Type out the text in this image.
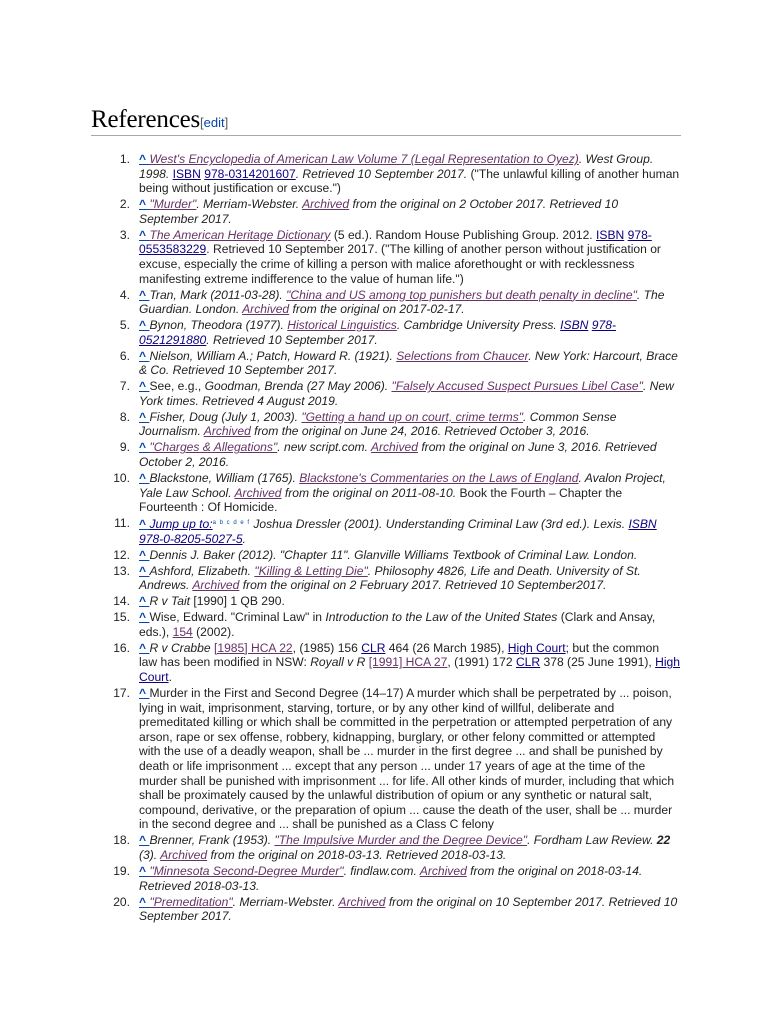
References[edit]
1. ^ West's Encyclopedia of American Law Volume 7 (Legal Representation to Oyez). West Group. 1998. ISBN 978-0314201607. Retrieved 10 September 2017. ("The unlawful killing of another human being without justification or excuse.")
2. ^ "Murder". Merriam-Webster. Archived from the original on 2 October 2017. Retrieved 10 September 2017.
3. ^ The American Heritage Dictionary (5 ed.). Random House Publishing Group. 2012. ISBN 978-0553583229. Retrieved 10 September 2017. ("The killing of another person without justification or excuse, especially the crime of killing a person with malice aforethought or with recklessness manifesting extreme indifference to the value of human life.")
4. ^ Tran, Mark (2011-03-28). "China and US among top punishers but death penalty in decline". The Guardian. London. Archived from the original on 2017-02-17.
5. ^ Bynon, Theodora (1977). Historical Linguistics. Cambridge University Press. ISBN 978-0521291880. Retrieved 10 September 2017.
6. ^ Nielson, William A.; Patch, Howard R. (1921). Selections from Chaucer. New York: Harcourt, Brace & Co. Retrieved 10 September 2017.
7. ^ See, e.g., Goodman, Brenda (27 May 2006). "Falsely Accused Suspect Pursues Libel Case". New York times. Retrieved 4 August 2019.
8. ^ Fisher, Doug (July 1, 2003). "Getting a hand up on court, crime terms". Common Sense Journalism. Archived from the original on June 24, 2016. Retrieved October 3, 2016.
9. ^ "Charges & Allegations". new script.com. Archived from the original on June 3, 2016. Retrieved October 2, 2016.
10. ^ Blackstone, William (1765). Blackstone's Commentaries on the Laws of England. Avalon Project, Yale Law School. Archived from the original on 2011-08-10. Book the Fourth – Chapter the Fourteenth : Of Homicide.
11. ^ Jump up to:$^{a b c d e f}$ Joshua Dressler (2001). Understanding Criminal Law (3rd ed.). Lexis. ISBN 978-0-8205-5027-5.
12. ^ Dennis J. Baker (2012). "Chapter 11". Glanville Williams Textbook of Criminal Law. London.
13. ^ Ashford, Elizabeth. "Killing & Letting Die". Philosophy 4826, Life and Death. University of St. Andrews. Archived from the original on 2 February 2017. Retrieved 10 September2017.
14. ^ R v Tait [1990] 1 QB 290.
15. ^ Wise, Edward. "Criminal Law" in Introduction to the Law of the United States (Clark and Ansay, eds.), 154 (2002).
16. ^ R v Crabbe [1985] HCA 22, (1985) 156 CLR 464 (26 March 1985), High Court; but the common law has been modified in NSW: Royall v R [1991] HCA 27, (1991) 172 CLR 378 (25 June 1991), High Court.
17. ^ Murder in the First and Second Degree (14–17) A murder which shall be perpetrated by ... poison, lying in wait, imprisonment, starving, torture, or by any other kind of willful, deliberate and premeditated killing or which shall be committed in the perpetration or attempted perpetration of any arson, rape or sex offense, robbery, kidnapping, burglary, or other felony committed or attempted with the use of a deadly weapon, shall be ... murder in the first degree ... and shall be punished by death or life imprisonment ... except that any person ... under 17 years of age at the time of the murder shall be punished with imprisonment ... for life. All other kinds of murder, including that which shall be proximately caused by the unlawful distribution of opium or any synthetic or natural salt, compound, derivative, or the preparation of opium ... cause the death of the user, shall be ... murder in the second degree and ... shall be punished as a Class C felony
18. ^ Brenner, Frank (1953). "The Impulsive Murder and the Degree Device". Fordham Law Review. 22 (3). Archived from the original on 2018-03-13. Retrieved 2018-03-13.
19. ^ "Minnesota Second-Degree Murder". findlaw.com. Archived from the original on 2018-03-14. Retrieved 2018-03-13.
20. ^ "Premeditation". Merriam-Webster. Archived from the original on 10 September 2017. Retrieved 10 September 2017.
